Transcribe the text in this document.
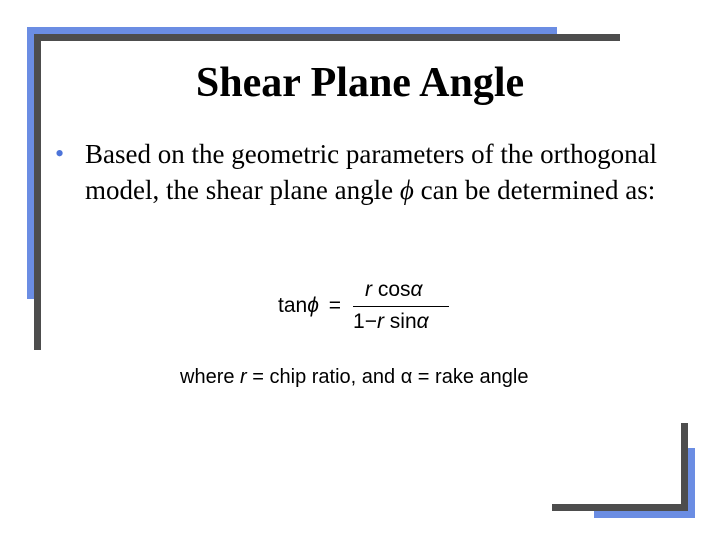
Shear Plane Angle
• Based on the geometric parameters of the orthogonal model, the shear plane angle ϕ can be determined as:
tanϕ =
r cosα
1−r sinα
where r = chip ratio, and α = rake angle
